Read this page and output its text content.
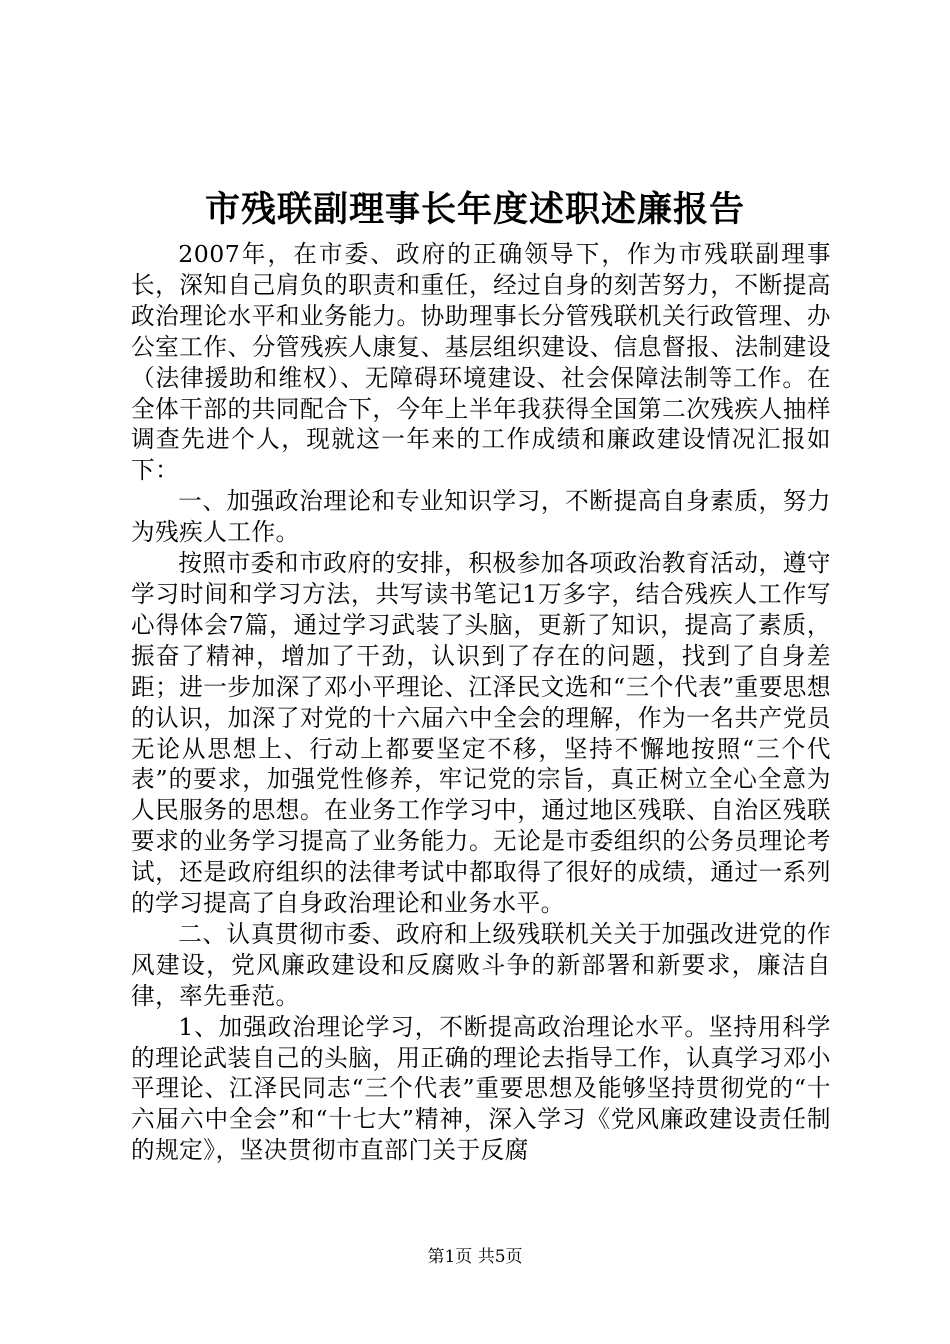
市残联副理事长年度述职述廉报告

2007年，在市委、政府的正确领导下，作为市残联副理事长，深知自己肩负的职责和重任，经过自身的刻苦努力，不断提高政治理论水平和业务能力。协助理事长分管残联机关行政管理、办公室工作、分管残疾人康复、基层组织建设、信息督报、法制建设（法律援助和维权）、无障碍环境建设、社会保障法制等工作。在全体干部的共同配合下，今年上半年我获得全国第二次残疾人抽样调查先进个人，现就这一年来的工作成绩和廉政建设情况汇报如下：

一、加强政治理论和专业知识学习，不断提高自身素质，努力为残疾人工作。

按照市委和市政府的安排，积极参加各项政治教育活动，遵守学习时间和学习方法，共写读书笔记1万多字，结合残疾人工作写心得体会7篇，通过学习武装了头脑，更新了知识，提高了素质，振奋了精神，增加了干劲，认识到了存在的问题，找到了自身差距；进一步加深了邓小平理论、江泽民文选和“三个代表”重要思想的认识，加深了对党的十六届六中全会的理解，作为一名共产党员无论从思想上、行动上都要坚定不移，坚持不懈地按照“三个代表”的要求，加强党性修养，牢记党的宗旨，真正树立全心全意为人民服务的思想。在业务工作学习中，通过地区残联、自治区残联要求的业务学习提高了业务能力。无论是市委组织的公务员理论考试，还是政府组织的法律考试中都取得了很好的成绩，通过一系列的学习提高了自身政治理论和业务水平。

二、认真贯彻市委、政府和上级残联机关关于加强改进党的作风建设，党风廉政建设和反腐败斗争的新部署和新要求，廉洁自律，率先垂范。

1、加强政治理论学习，不断提高政治理论水平。坚持用科学的理论武装自己的头脑，用正确的理论去指导工作，认真学习邓小平理论、江泽民同志“三个代表”重要思想及能够坚持贯彻党的“十六届六中全会”和“十七大”精神，深入学习《党风廉政建设责任制的规定》，坚决贯彻市直部门关于反腐

第1页 共5页
